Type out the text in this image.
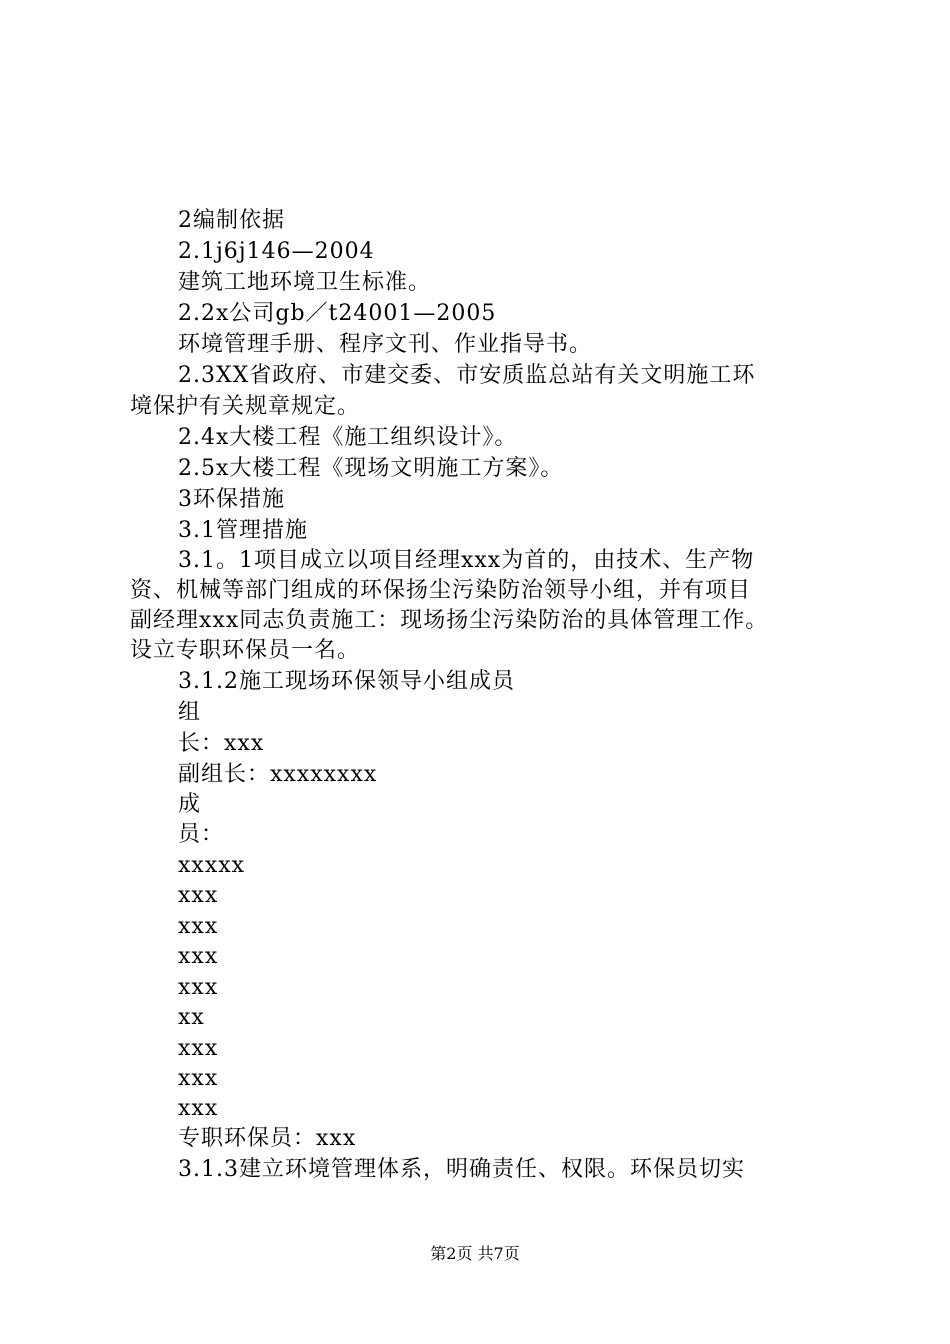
2编制依据
2.1j6j146—2004
建筑工地环境卫生标准。
2.2x公司gb／t24001—2005
环境管理手册、程序文刊、作业指导书。
2.3XX省政府、市建交委、市安质监总站有关文明施工环
境保护有关规章规定。
2.4x大楼工程《施工组织设计》。
2.5x大楼工程《现场文明施工方案》。
3环保措施
3.1管理措施
3.1。1项目成立以项目经理xxx为首的，由技术、生产物
资、机械等部门组成的环保扬尘污染防治领导小组，并有项目
副经理xxx同志负责施工：现场扬尘污染防治的具体管理工作。
设立专职环保员一名。
3.1.2施工现场环保领导小组成员
组
长：xxx
副组长：xxxxxxxx
成
员：
xxxxx
xxx
xxx
xxx
xxx
xx
xxx
xxx
xxx
专职环保员：xxx
3.1.3建立环境管理体系，明确责任、权限。环保员切实
第2页 共7页
